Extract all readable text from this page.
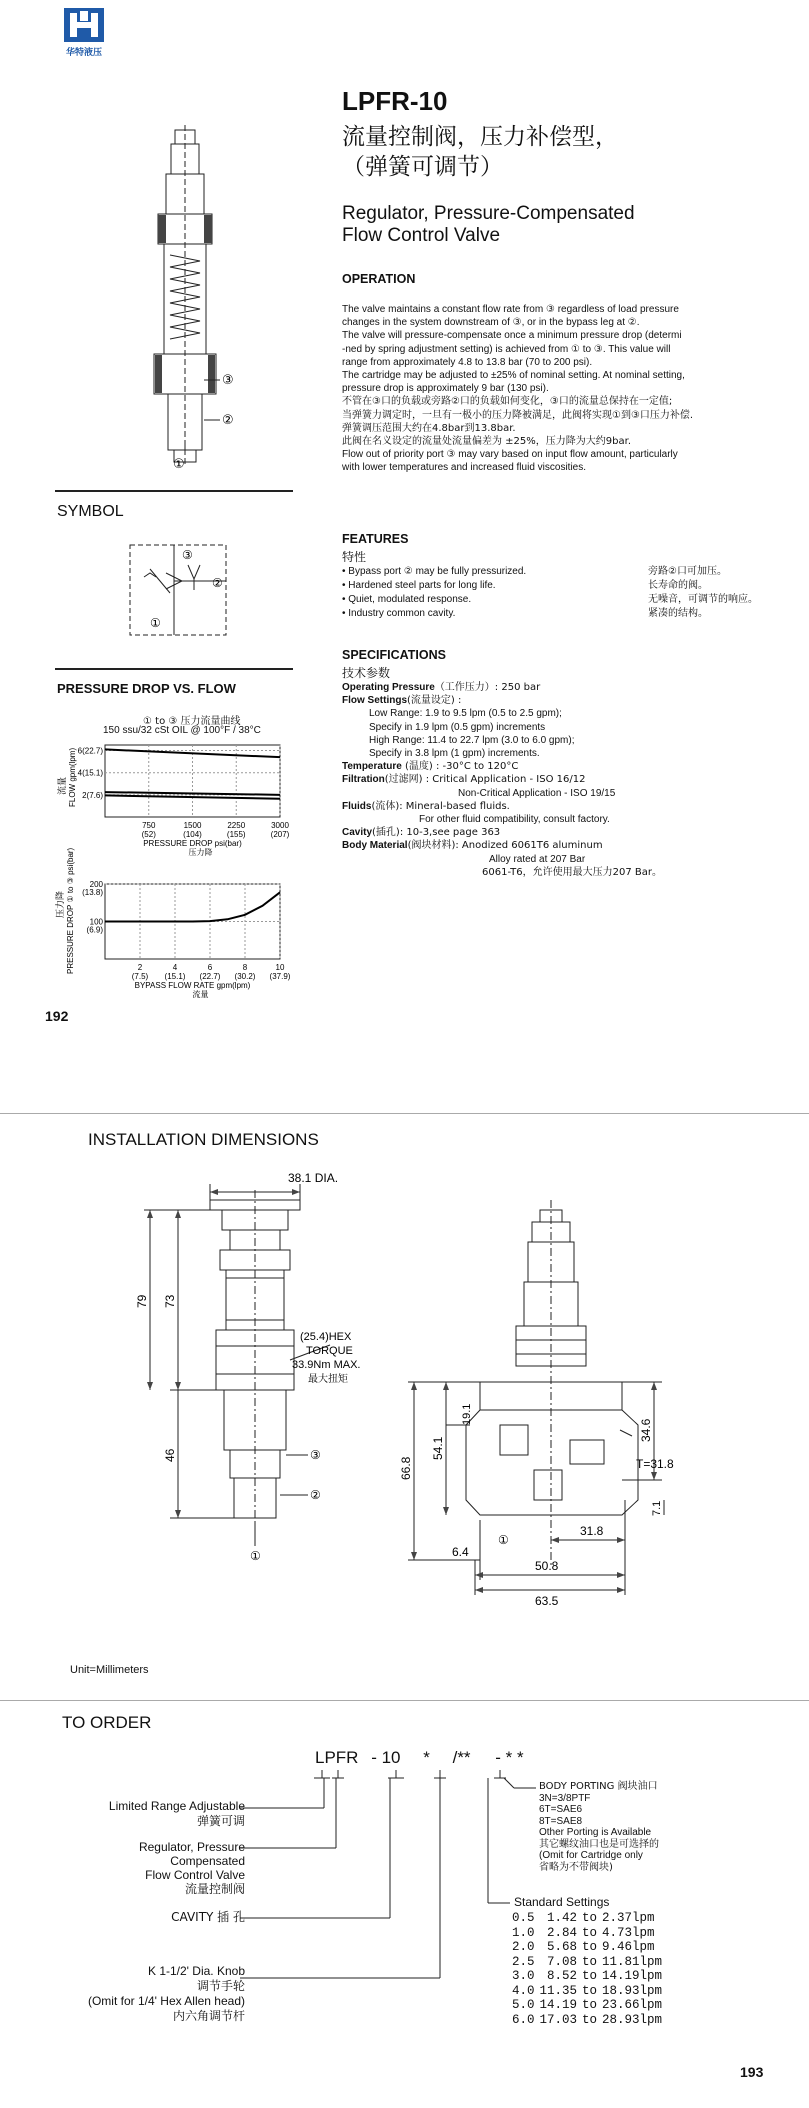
华特液压
LPFR-10
流量控制阀，压力补偿型，
（弹簧可调节）
Regulator, Pressure-Compensated
Flow Control Valve
③
②
①
OPERATION

The valve maintains a constant flow rate from ③ regardless of load pressure

changes in the system downstream of ③, or in the bypass leg at ②.

The valve will pressure-compensate once a minimum pressure drop (determi

-ned by spring adjustment setting) is achieved from ① to ③. This value will

range from approximately 4.8 to 13.8 bar (70 to 200 psi).

The cartridge may be adjusted to ±25% of nominal setting. At nominal setting,

pressure drop is approximately 9 bar (130 psi).

不管在③口的负载或旁路②口的负载如何变化，③口的流量总保持在一定值;

当弹簧力调定时，一旦有一极小的压力降被满足，此阀将实现①到③口压力补偿.

弹簧调压范围大约在4.8bar到13.8bar.

此阀在名义设定的流量处流量偏差为 ±25%，压力降为大约9bar.

Flow out of priority port ③ may vary based on input flow amount, particularly

with lower temperatures and increased fluid viscosities.

SYMBOL
③
②
①
PRESSURE DROP VS. FLOW
① to ③ 压力流量曲线
150 ssu/32 cSt OIL @ 100°F / 38°C
流量 FLOW gpm(lpm)
750
(52)
1500
(104)
2250
(155)
3000
(207)
6(22.7)
4(15.1)
2(7.6)
PRESSURE DROP psi(bar)
压力降
压力降 PRESSURE DROP ① to ③ psi(bar)	2
(7.5)
4
(15.1)
6
(22.7)
8
(30.2)
10
(37.9)
200
(13.8)
100
(6.9)
BYPASS FLOW RATE gpm(lpm)
流量
192
FEATURES
特性
• Bypass port ② may be fully pressurized.	旁路②口可加压。
• Hardened steel parts for long life.	长寿命的阀。
• Quiet, modulated response.	无噪音，可调节的响应。
• Industry common cavity.	紧凑的结构。
SPECIFICATIONS
技术参数
Operating Pressure（工作压力）: 250 bar
Flow Settings(流量设定) :
Low Range: 1.9 to 9.5 lpm (0.5 to 2.5 gpm);
Specify in 1.9 lpm (0.5 gpm) increments
High Range: 11.4 to 22.7 lpm (3.0 to 6.0 gpm);
Specify in 3.8 lpm (1 gpm) increments.
Temperature (温度) : -30°C to 120°C
Filtration(过滤网) : Critical Application - ISO 16/12
Non-Critical Application - ISO 19/15
Fluids(流体): Mineral-based fluids.
For other fluid compatibility, consult factory.
Cavity(插孔): 10-3,see page 363
Body Material(阀块材料): Anodized 6061T6 aluminum
Alloy rated at 207 Bar
6061-T6，允许使用最大压力207 Bar。
INSTALLATION DIMENSIONS
38.1 DIA.
79 73
46
(25.4)HEX
TORQUE
33.9Nm MAX.
最大扭矩
③
②
①
19.1
66.8
54.1
34.6
T=31.8
7.1
①
31.8
6.4
50.8
63.5
Unit=Millimeters
TO ORDER
LPFR - 10 * /** - * *
Limited Range Adjustable
弹簧可调
Regulator, Pressure
Compensated
Flow Control Valve
流量控制阀
CAVITY 插 孔
K 1-1/2' Dia. Knob
调节手轮
(Omit for 1/4' Hex Allen head)
内六角调节杆
BODY PORTING 阀块油口
3N=3/8PTF
6T=SAE6
8T=SAE8
Other Porting is Available
其它螺纹油口也是可选择的
(Omit for Cartridge only
省略为不带阀块)
Standard Settings
0.5	1.42	to	2.37lpm
1.0	2.84	to	4.73lpm
2.0	5.68	to	9.46lpm
2.5	7.08	to	11.81lpm
3.0	8.52	to	14.19lpm
4.0	11.35	to	18.93lpm
5.0	14.19	to	23.66lpm
6.0	17.03	to	28.93lpm
193
